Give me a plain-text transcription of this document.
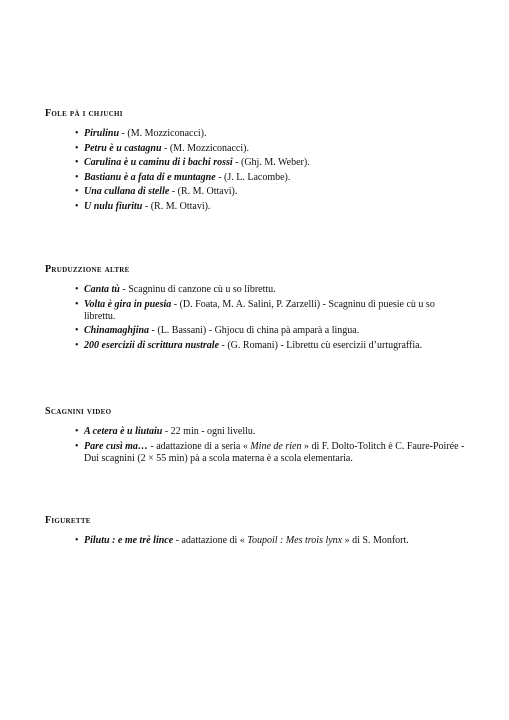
Fole pà i chjuchi
• Pirulinu - (M. Mozziconacci).
• Petru è u castagnu - (M. Mozziconacci).
• Carulina è u caminu di i bachi rossi - (Ghj. M. Weber).
• Bastianu è a fata di e muntagne - (J. L. Lacombe).
• Una cullana di stelle - (R. M. Ottavi).
• U nulu fiuritu - (R. M. Ottavi).
Pruduzzione altre
• Canta tù - Scagninu di canzone cù u so librettu.
• Volta è gira in puesia - (D. Foata, M. A. Salini, P. Zarzelli) - Scagninu di puesie cù u so librettu.
• Chinamaghjina - (L. Bassani) - Ghjocu di china pà amparà a lingua.
• 200 esercizii di scrittura nustrale - (G. Romani) - Librettu cù esercizii d’urtugraffia.
Scagnini video
• A cetera è u liutaiu - 22 min - ogni livellu.
• Pare cusì ma… - adattazione di a seria « Mine de rien » di F. Dolto-Tolitch è C. Faure-Poirée - Dui scagnini (2 × 55 min) pà a scola materna è a scola elementaria.
Figurette
• Pilutu : e me trè lince - adattazione di « Toupoil : Mes trois lynx » di S. Monfort.
